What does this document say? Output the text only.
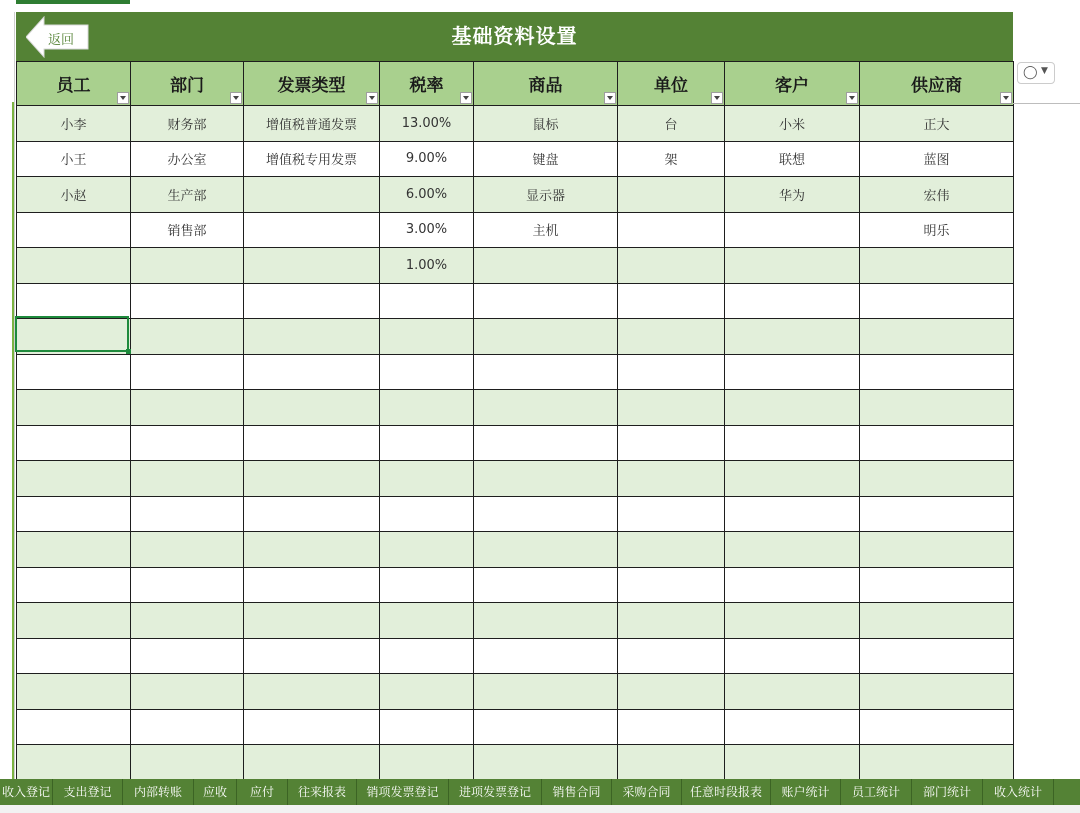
基础资料设置
返回
员工	部门	发票类型	税率	商品	单位	客户	供应商

小李	财务部	增值税普通发票	13.00%	鼠标	台	小米	正大
小王	办公室	增值税专用发票	9.00%	键盘	架	联想	蓝图
小赵	生产部		6.00%	显示器		华为	宏伟
	销售部		3.00%	主机			明乐
			1.00%				

◯ ▼
收入登记	支出登记	内部转账	应收	应付	往来报表	销项发票登记	进项发票登记	销售合同	采购合同	任意时段报表	账户统计	员工统计	部门统计	收入统计
